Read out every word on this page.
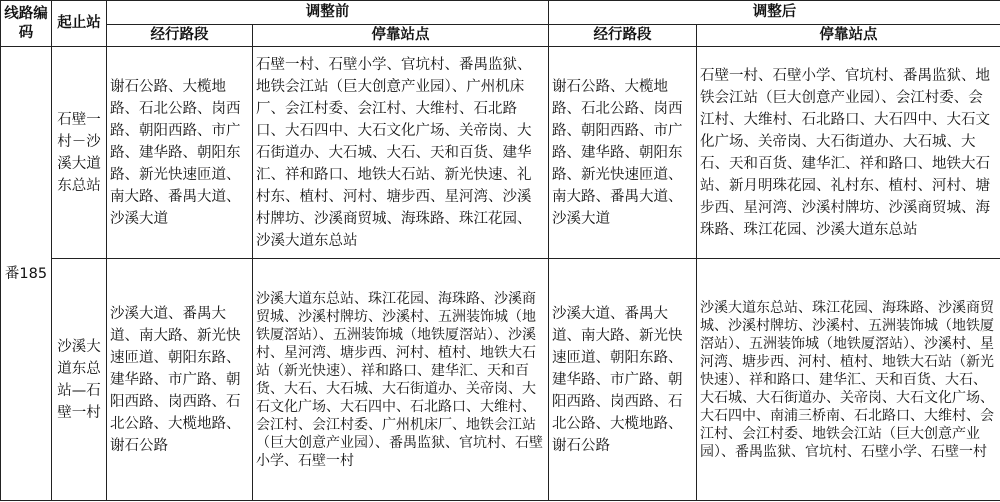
线路编码	起止站	调整前		调整后	
		经行路段	停靠站点	经行路段	停靠站点
番185	石壁一村－沙溪大道东总站	谢石公路、大榄地路、石北公路、岗西路、朝阳西路、市广路、建华路、朝阳东路、新光快速匝道、南大路、番禺大道、沙溪大道	石壁一村、石壁小学、官坑村、番禺监狱、地铁会江站（巨大创意产业园）、广州机床厂、会江村委、会江村、大维村、石北路口、大石四中、大石文化广场、关帝岗、大石街道办、大石城、大石、天和百货、建华汇、祥和路口、地铁大石站、新光快速、礼村东、植村、河村、塘步西、星河湾、沙溪村牌坊、沙溪商贸城、海珠路、珠江花园、沙溪大道东总站	谢石公路、大榄地路、石北公路、岗西路、朝阳西路、市广路、建华路、朝阳东路、新光快速匝道、南大路、番禺大道、沙溪大道	石壁一村、石壁小学、官坑村、番禺监狱、地铁会江站（巨大创意产业园）、会江村委、会江村、大维村、石北路口、大石四中、大石文化广场、关帝岗、大石街道办、大石城、大石、天和百货、建华汇、祥和路口、地铁大石站、新月明珠花园、礼村东、植村、河村、塘步西、星河湾、沙溪村牌坊、沙溪商贸城、海珠路、珠江花园、沙溪大道东总站
	沙溪大道东总站—石壁一村	沙溪大道、番禺大道、南大路、新光快速匝道、朝阳东路、建华路、市广路、朝阳西路、岗西路、石北公路、大榄地路、谢石公路	沙溪大道东总站、珠江花园、海珠路、沙溪商贸城、沙溪村牌坊、沙溪村、五洲装饰城（地铁厦滘站）、五洲装饰城（地铁厦滘站）、沙溪村、星河湾、塘步西、河村、植村、地铁大石站（新光快速）、祥和路口、建华汇、天和百货、大石、大石城、大石街道办、关帝岗、大石文化广场、大石四中、石北路口、大维村、会江村、会江村委、广州机床厂、地铁会江站（巨大创意产业园）、番禺监狱、官坑村、石壁小学、石壁一村	沙溪大道、番禺大道、南大路、新光快速匝道、朝阳东路、建华路、市广路、朝阳西路、岗西路、石北公路、大榄地路、谢石公路	沙溪大道东总站、珠江花园、海珠路、沙溪商贸城、沙溪村牌坊、沙溪村、五洲装饰城（地铁厦滘站）、五洲装饰城（地铁厦滘站）、沙溪村、星河湾、塘步西、河村、植村、地铁大石站（新光快速）、祥和路口、建华汇、天和百货、大石、大石城、大石街道办、关帝岗、大石文化广场、大石四中、南浦三桥南、石北路口、大维村、会江村、会江村委、地铁会江站（巨大创意产业园）、番禺监狱、官坑村、石壁小学、石壁一村
